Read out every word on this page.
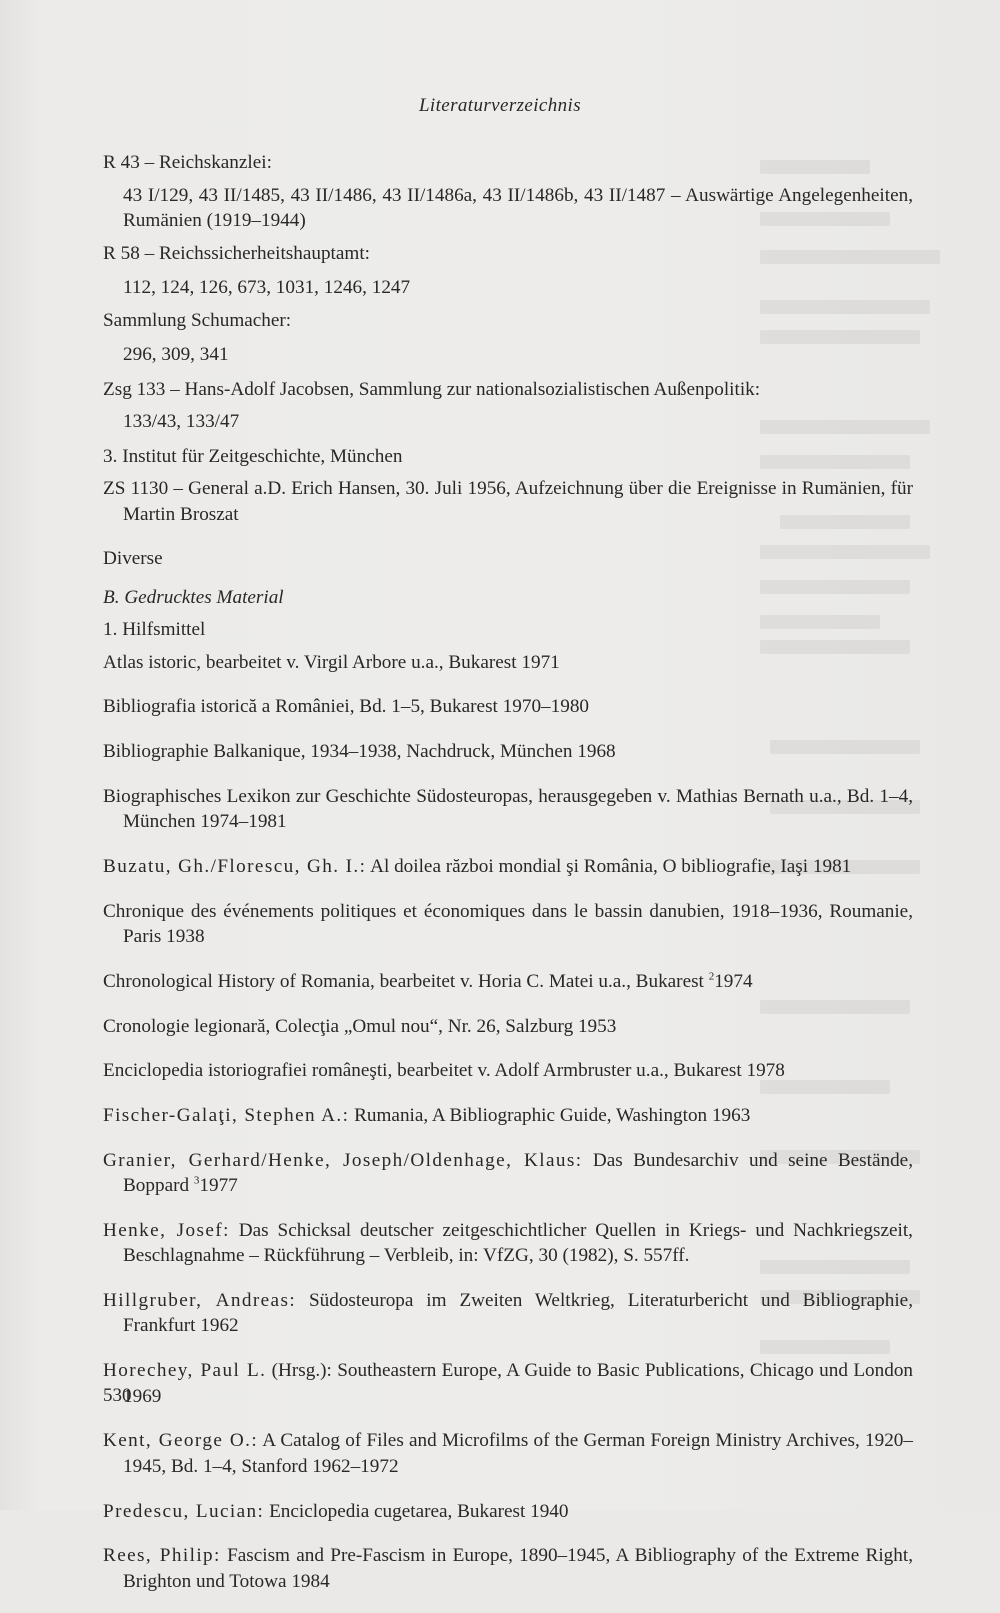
Literaturverzeichnis

R 43 – Reichskanzlei:

43 I/129, 43 II/1485, 43 II/1486, 43 II/1486a, 43 II/1486b, 43 II/1487 – Auswärtige Angelegenheiten, Rumänien (1919–1944)

R 58 – Reichssicherheitshauptamt:

112, 124, 126, 673, 1031, 1246, 1247

Sammlung Schumacher:

296, 309, 341

Zsg 133 – Hans-Adolf Jacobsen, Sammlung zur nationalsozialistischen Außenpolitik:

133/43, 133/47

3. Institut für Zeitgeschichte, München

ZS 1130 – General a.D. Erich Hansen, 30. Juli 1956, Aufzeichnung über die Ereignisse in Rumänien, für Martin Broszat

Diverse

B. Gedrucktes Material

1. Hilfsmittel

Atlas istoric, bearbeitet v. Virgil Arbore u.a., Bukarest 1971

Bibliografia istorică a României, Bd. 1–5, Bukarest 1970–1980

Bibliographie Balkanique, 1934–1938, Nachdruck, München 1968

Biographisches Lexikon zur Geschichte Südosteuropas, herausgegeben v. Mathias Bernath u.a., Bd. 1–4, München 1974–1981

Buzatu, Gh./Florescu, Gh. I.: Al doilea război mondial şi România, O bibliografie, Iaşi 1981

Chronique des événements politiques et économiques dans le bassin danubien, 1918–1936, Roumanie, Paris 1938

Chronological History of Romania, bearbeitet v. Horia C. Matei u.a., Bukarest $^2$1974

Cronologie legionară, Colecţia „Omul nou“, Nr. 26, Salzburg 1953

Enciclopedia istoriografiei româneşti, bearbeitet v. Adolf Armbruster u.a., Bukarest 1978

Fischer-Galaţi, Stephen A.: Rumania, A Bibliographic Guide, Washington 1963

Granier, Gerhard/Henke, Joseph/Oldenhage, Klaus: Das Bundesarchiv und seine Bestände, Boppard $^3$1977

Henke, Josef: Das Schicksal deutscher zeitgeschichtlicher Quellen in Kriegs- und Nachkriegszeit, Beschlagnahme – Rückführung – Verbleib, in: VfZG, 30 (1982), S. 557ff.

Hillgruber, Andreas: Südosteuropa im Zweiten Weltkrieg, Literaturbericht und Bibliographie, Frankfurt 1962

Horechey, Paul L. (Hrsg.): Southeastern Europe, A Guide to Basic Publications, Chicago und London 1969

Kent, George O.: A Catalog of Files and Microfilms of the German Foreign Ministry Archives, 1920–1945, Bd. 1–4, Stanford 1962–1972

Predescu, Lucian: Enciclopedia cugetarea, Bukarest 1940

Rees, Philip: Fascism and Pre-Fascism in Europe, 1890–1945, A Bibliography of the Extreme Right, Brighton und Totowa 1984

530
